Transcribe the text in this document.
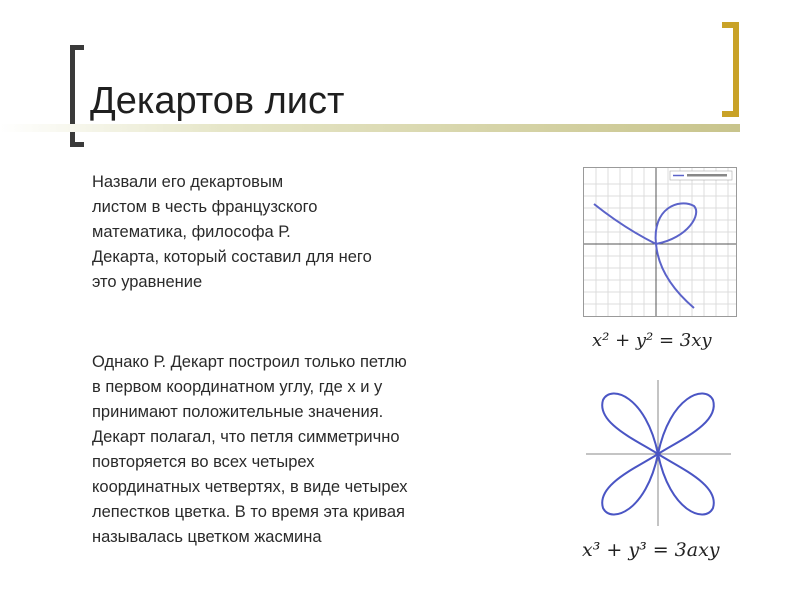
Декартов лист
Назвали его декартовым
листом в честь французского
математика, философа Р.
Декарта, который составил для него
это уравнение
Однако Р. Декарт построил только петлю
в первом координатном углу, где х и у
принимают положительные значения.
Декарт полагал, что петля симметрично
повторяется во всех четырех
координатных четвертях, в виде четырех
лепестков цветка. В то время эта кривая
называлась цветком жасмина
x² + y² = 3xy
x³ + y³ = 3axy
